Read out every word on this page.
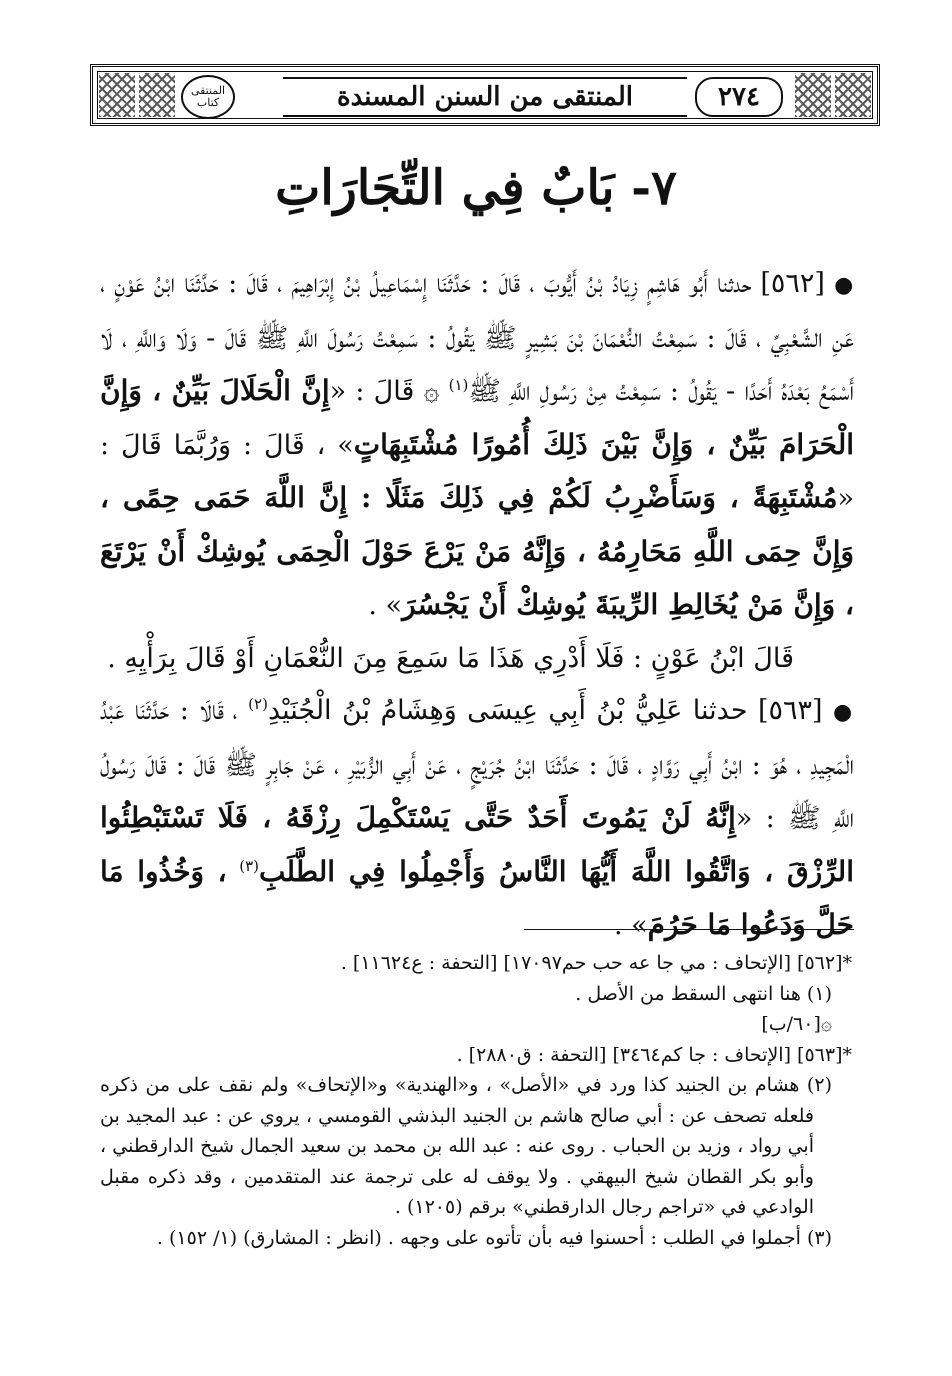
٢٧٤
المنتقى من السنن المسندة
المنتقى
كتاب
٧- بَابٌ فِي التِّجَارَاتِ

● [٥٦٢] حدثنا أَبُو هَاشِمٍ زِيَادُ بْنُ أَيُّوبَ ، قَالَ : حَدَّثَنَا إِسْمَاعِيلُ بْنُ إِبْرَاهِيمَ ، قَالَ : حَدَّثَنَا ابْنُ عَوْنٍ ، عَنِ الشَّعْبِيِّ ، قَالَ : سَمِعْتُ النُّعْمَانَ بْنَ بَشِيرٍ ﷺ يَقُولُ : سَمِعْتُ رَسُولَ اللَّهِ ﷺ قَالَ - وَلَا وَاللَّهِ ، لَا أَسْمَعُ بَعْدَهُ أَحَدًا - يَقُولُ : سَمِعْتُ مِنْ رَسُولِ اللَّهِ ﷺ$^{(١)}$ ۞ قَالَ : «إِنَّ الْحَلَالَ بَيِّنٌ ، وَإِنَّ الْحَرَامَ بَيِّنٌ ، وَإِنَّ بَيْنَ ذَلِكَ أُمُورًا مُشْتَبِهَاتٍ» ، قَالَ : وَرُبَّمَا قَالَ : «مُشْتَبِهَةً ، وَسَأَضْرِبُ لَكُمْ فِي ذَلِكَ مَثَلًا : إِنَّ اللَّهَ حَمَى حِمًى ، وَإِنَّ حِمَى اللَّهِ مَحَارِمُهُ ، وَإِنَّهُ مَنْ يَرْعَ حَوْلَ الْحِمَى يُوشِكْ أَنْ يَرْتَعَ ، وَإِنَّ مَنْ يُخَالِطِ الرِّيبَةَ يُوشِكْ أَنْ يَجْسُرَ» .

قَالَ ابْنُ عَوْنٍ : فَلَا أَدْرِي هَذَا مَا سَمِعَ مِنَ النُّعْمَانِ أَوْ قَالَ بِرَأْيِهِ .

● [٥٦٣] حدثنا عَلِيُّ بْنُ أَبِي عِيسَى وَهِشَامُ بْنُ الْجُنَيْدِ$^{(٢)}$ ، قَالَا : حَدَّثَنَا عَبْدُ الْمَجِيدِ ، هُوَ : ابْنُ أَبِي رَوَّادٍ ، قَالَ : حَدَّثَنَا ابْنُ جُرَيْجٍ ، عَنْ أَبِي الزُّبَيْرِ ، عَنْ جَابِرٍ ﷺ قَالَ : قَالَ رَسُولُ اللَّهِ ﷺ : «إِنَّهُ لَنْ يَمُوتَ أَحَدٌ حَتَّى يَسْتَكْمِلَ رِزْقَهُ ، فَلَا تَسْتَبْطِئُوا الرِّزْقَ ، وَاتَّقُوا اللَّهَ أَيُّهَا النَّاسُ وَأَجْمِلُوا فِي الطَّلَبِ$^{(٣)}$ ، وَخُذُوا مَا حَلَّ وَدَعُوا مَا حَرُمَ» .

*[٥٦٢] [الإتحاف : مي جا عه حب حم١٧٠٩٧] [التحفة : ع١١٦٢٤] .

(١) هنا انتهى السقط من الأصل .

۞[٦٠/ب]

*[٥٦٣] [الإتحاف : جا كم٣٤٦٤] [التحفة : ق٢٨٨٠] .

(٢) هشام بن الجنيد كذا ورد في «الأصل» ، و«الهندية» و«الإتحاف» ولم نقف على من ذكره فلعله تصحف عن : أبي صالح هاشم بن الجنيد البذشي القومسي ، يروي عن : عبد المجيد بن أبي رواد ، وزيد بن الحباب . روى عنه : عبد الله بن محمد بن سعيد الجمال شيخ الدارقطني ، وأبو بكر القطان شيخ البيهقي . ولا يوقف له على ترجمة عند المتقدمين ، وقد ذكره مقبل الوادعي في «تراجم رجال الدارقطني» برقم (١٢٠٥) .

(٣) أجملوا في الطلب : أحسنوا فيه بأن تأتوه على وجهه . (انظر : المشارق) (١/ ١٥٢) .
